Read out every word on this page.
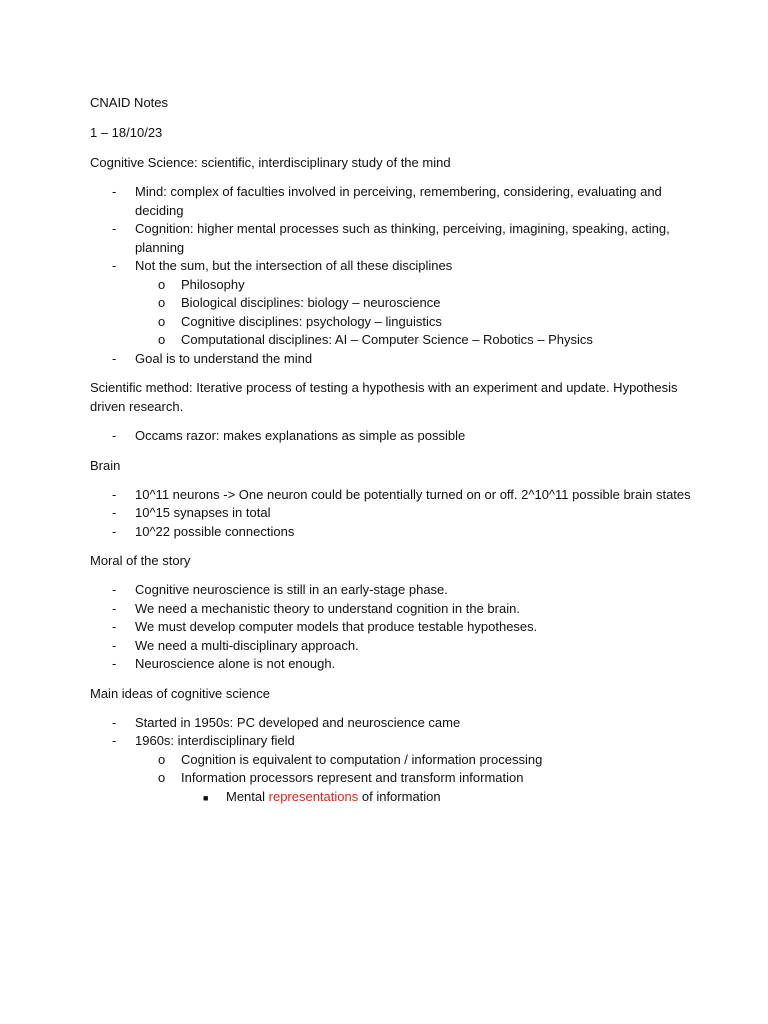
CNAID Notes

1 – 18/10/23

Cognitive Science: scientific, interdisciplinary study of the mind

-	Mind: complex of faculties involved in perceiving, remembering, considering, evaluating and deciding
-	Cognition: higher mental processes such as thinking, perceiving, imagining, speaking, acting, planning
-	Not the sum, but the intersection of all these disciplines
o	Philosophy
o	Biological disciplines: biology – neuroscience
o	Cognitive disciplines: psychology – linguistics
o	Computational disciplines: AI – Computer Science – Robotics – Physics
-	Goal is to understand the mind

Scientific method: Iterative process of testing a hypothesis with an experiment and update. Hypothesis driven research.

-	Occams razor: makes explanations as simple as possible

Brain

-	10^11 neurons -> One neuron could be potentially turned on or off. 2^10^11 possible brain states
-	10^15 synapses in total
-	10^22 possible connections

Moral of the story

-	Cognitive neuroscience is still in an early-stage phase.
-	We need a mechanistic theory to understand cognition in the brain.
-	We must develop computer models that produce testable hypotheses.
-	We need a multi-disciplinary approach.
-	Neuroscience alone is not enough.

Main ideas of cognitive science

-	Started in 1950s: PC developed and neuroscience came
-	1960s: interdisciplinary field
o	Cognition is equivalent to computation / information processing
o	Information processors represent and transform information
■	Mental representations of information
